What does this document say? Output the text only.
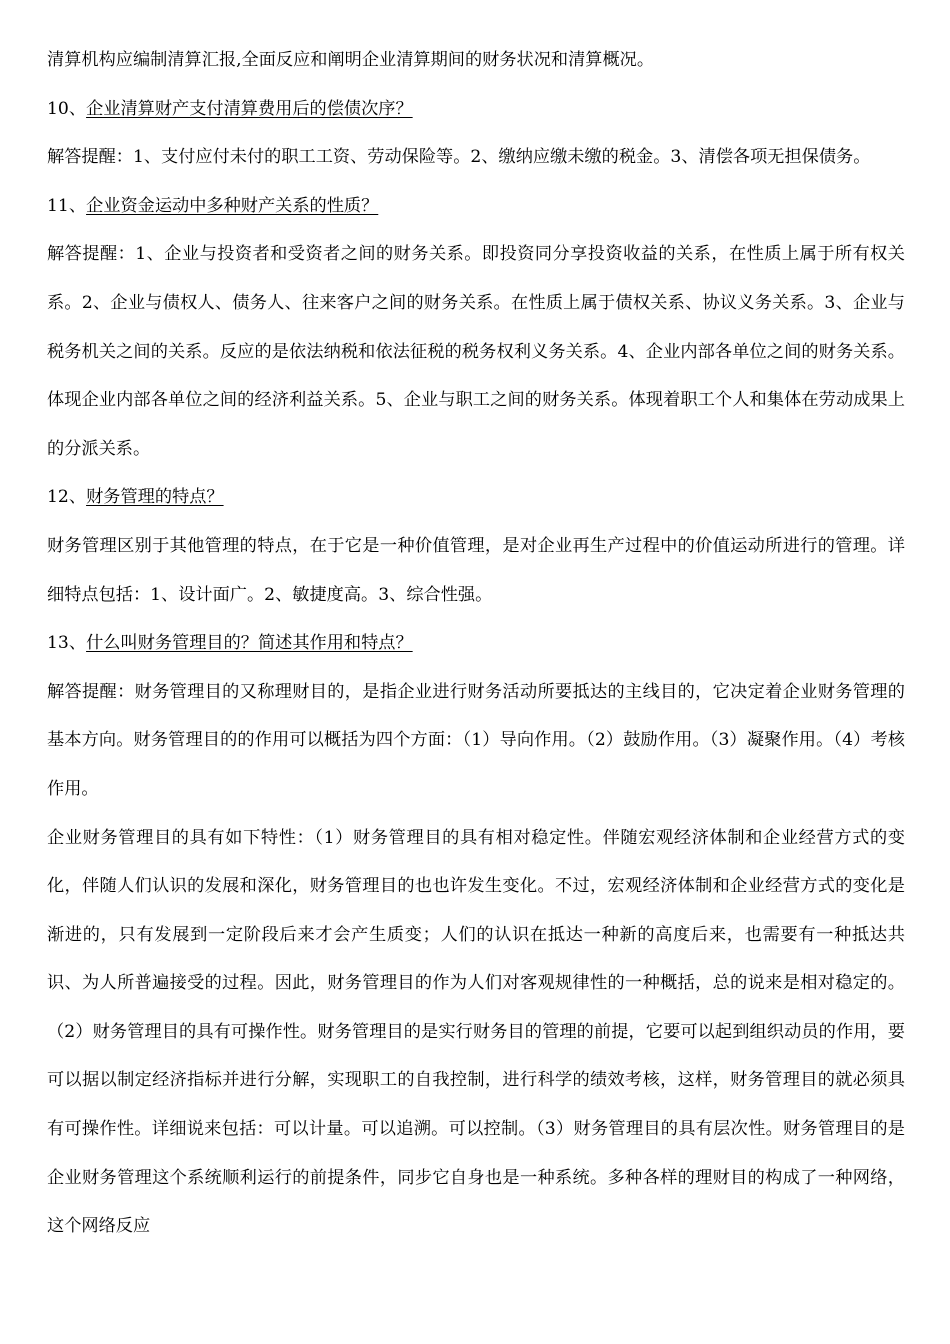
清算机构应编制清算汇报,全面反应和阐明企业清算期间的财务状况和清算概况。

10、企业清算财产支付清算费用后的偿债次序？

解答提醒：1、支付应付未付的职工工资、劳动保险等。2、缴纳应缴未缴的税金。3、清偿各项无担保债务。

11、企业资金运动中多种财产关系的性质？

解答提醒：1、企业与投资者和受资者之间的财务关系。即投资同分享投资收益的关系，在性质上属于所有权关系。2、企业与债权人、债务人、往来客户之间的财务关系。在性质上属于债权关系、协议义务关系。3、企业与税务机关之间的关系。反应的是依法纳税和依法征税的税务权利义务关系。4、企业内部各单位之间的财务关系。体现企业内部各单位之间的经济利益关系。5、企业与职工之间的财务关系。体现着职工个人和集体在劳动成果上的分派关系。

12、财务管理的特点？

财务管理区别于其他管理的特点，在于它是一种价值管理，是对企业再生产过程中的价值运动所进行的管理。详细特点包括：1、设计面广。2、敏捷度高。3、综合性强。

13、什么叫财务管理目的？简述其作用和特点？

解答提醒：财务管理目的又称理财目的，是指企业进行财务活动所要抵达的主线目的，它决定着企业财务管理的基本方向。财务管理目的的作用可以概括为四个方面：（1）导向作用。（2）鼓励作用。（3）凝聚作用。（4）考核作用。

企业财务管理目的具有如下特性：（1）财务管理目的具有相对稳定性。伴随宏观经济体制和企业经营方式的变化，伴随人们认识的发展和深化，财务管理目的也也许发生变化。不过，宏观经济体制和企业经营方式的变化是渐进的，只有发展到一定阶段后来才会产生质变；人们的认识在抵达一种新的高度后来，也需要有一种抵达共识、为人所普遍接受的过程。因此，财务管理目的作为人们对客观规律性的一种概括，总的说来是相对稳定的。（2）财务管理目的具有可操作性。财务管理目的是实行财务目的管理的前提，它要可以起到组织动员的作用，要可以据以制定经济指标并进行分解，实现职工的自我控制，进行科学的绩效考核，这样，财务管理目的就必须具有可操作性。详细说来包括：可以计量。可以追溯。可以控制。（3）财务管理目的具有层次性。财务管理目的是企业财务管理这个系统顺利运行的前提条件，同步它自身也是一种系统。多种各样的理财目的构成了一种网络，这个网络反应
